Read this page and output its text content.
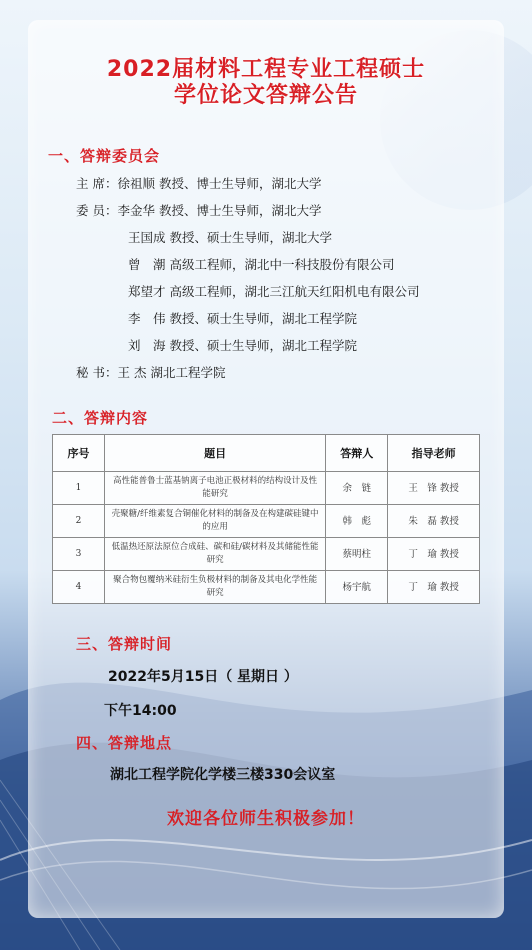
2022届材料工程专业工程硕士
学位论文答辩公告
一、答辩委员会
主 席：徐祖顺 教授、博士生导师，湖北大学
委 员：李金华 教授、博士生导师，湖北大学
王国成 教授、硕士生导师，湖北大学
曾　潮 高级工程师，湖北中一科技股份有限公司
郑望才 高级工程师，湖北三江航天红阳机电有限公司
李　伟 教授、硕士生导师，湖北工程学院
刘　海 教授、硕士生导师，湖北工程学院
秘 书：王 杰 湖北工程学院
二、答辩内容
序号	题目	答辩人	指导老师
1	高性能普鲁士蓝基钠离子电池正极材料的结构设计及性能研究	余　链	王　锋 教授
2	壳聚糖/纤维素复合铜催化材料的制备及在构建碳硅键中的应用	韩　彪	朱　磊 教授
3	低温热还原法原位合成硅、碳和硅/碳材料及其储能性能研究	蔡明柱	丁　瑜 教授
4	聚合物包覆纳米硅衍生负极材料的制备及其电化学性能研究	杨宇航	丁　瑜 教授
三、答辩时间
2022年5月15日（ 星期日 ）
下午14:00
四、答辩地点
湖北工程学院化学楼三楼330会议室
欢迎各位师生积极参加！
